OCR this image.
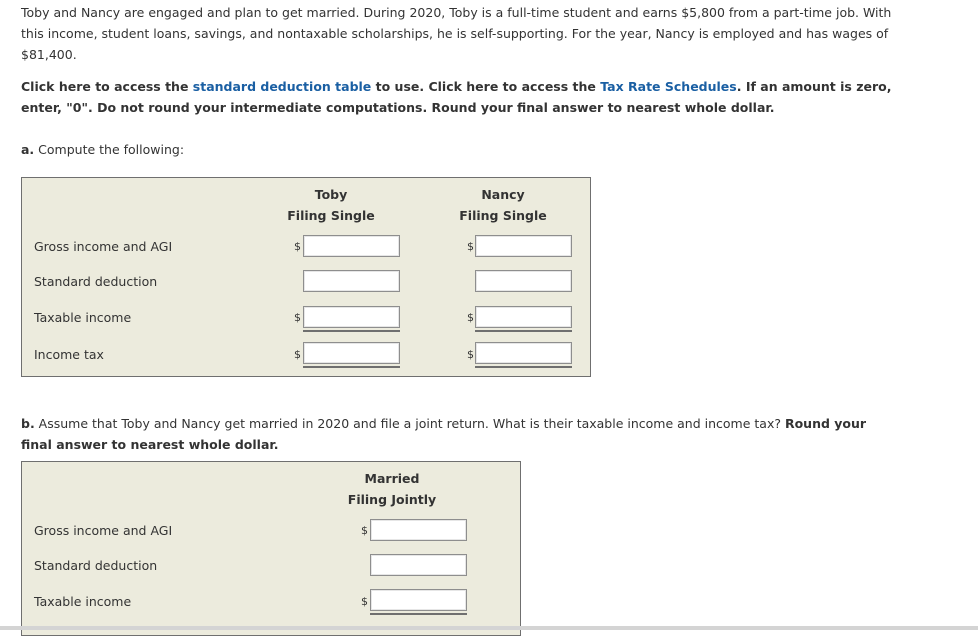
Toby and Nancy are engaged and plan to get married. During 2020, Toby is a full-time student and earns $5,800 from a part-time job. With
this income, student loans, savings, and nontaxable scholarships, he is self-supporting. For the year, Nancy is employed and has wages of
$81,400.
Click here to access the standard deduction table to use. Click here to access the Tax Rate Schedules. If an amount is zero,
enter, "0". Do not round your intermediate computations. Round your final answer to nearest whole dollar.
a. Compute the following:
Toby
Filing Single
Nancy
Filing Single
Gross income and AGI	$	$
Standard deduction
Taxable income	$	$
Income tax	$	$
b. Assume that Toby and Nancy get married in 2020 and file a joint return. What is their taxable income and income tax? Round your
final answer to nearest whole dollar.
Married
Filing Jointly
Gross income and AGI	$
Standard deduction
Taxable income	$
